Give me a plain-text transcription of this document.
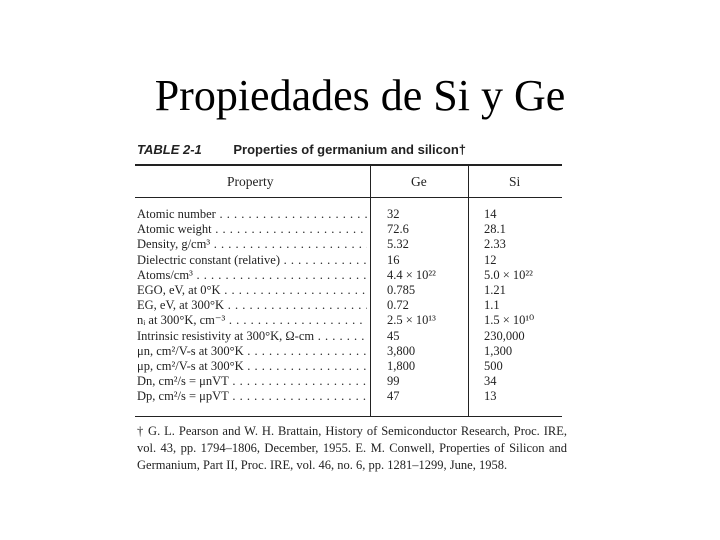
Propiedades de Si y Ge
TABLE 2-1 Properties of germanium and silicon†
Property	Ge	Si
Atomic number . . .	32	14
Atomic weight . . .	72.6	28.1
Density, g/cm³ . . .	5.32	2.33
Dielectric constant (relative) . . .	16	12
Atoms/cm³ . . .	4.4 × 10²²	5.0 × 10²²
EGO, eV, at 0°K . . .	0.785	1.21
EG, eV, at 300°K . . .	0.72	1.1
nᵢ at 300°K, cm⁻³ . . .	2.5 × 10¹³	1.5 × 10¹⁰
Intrinsic resistivity at 300°K, Ω-cm . . .	45	230,000
μn, cm²/V-s at 300°K . . .	3,800	1,300
μp, cm²/V-s at 300°K . . .	1,800	500
Dn, cm²/s = μnVT . . .	99	34
Dp, cm²/s = μpVT . . .	47	13
† G. L. Pearson and W. H. Brattain, History of Semiconductor Research, Proc. IRE, vol. 43, pp. 1794–1806, December, 1955. E. M. Conwell, Properties of Silicon and Germanium, Part II, Proc. IRE, vol. 46, no. 6, pp. 1281–1299, June, 1958.
